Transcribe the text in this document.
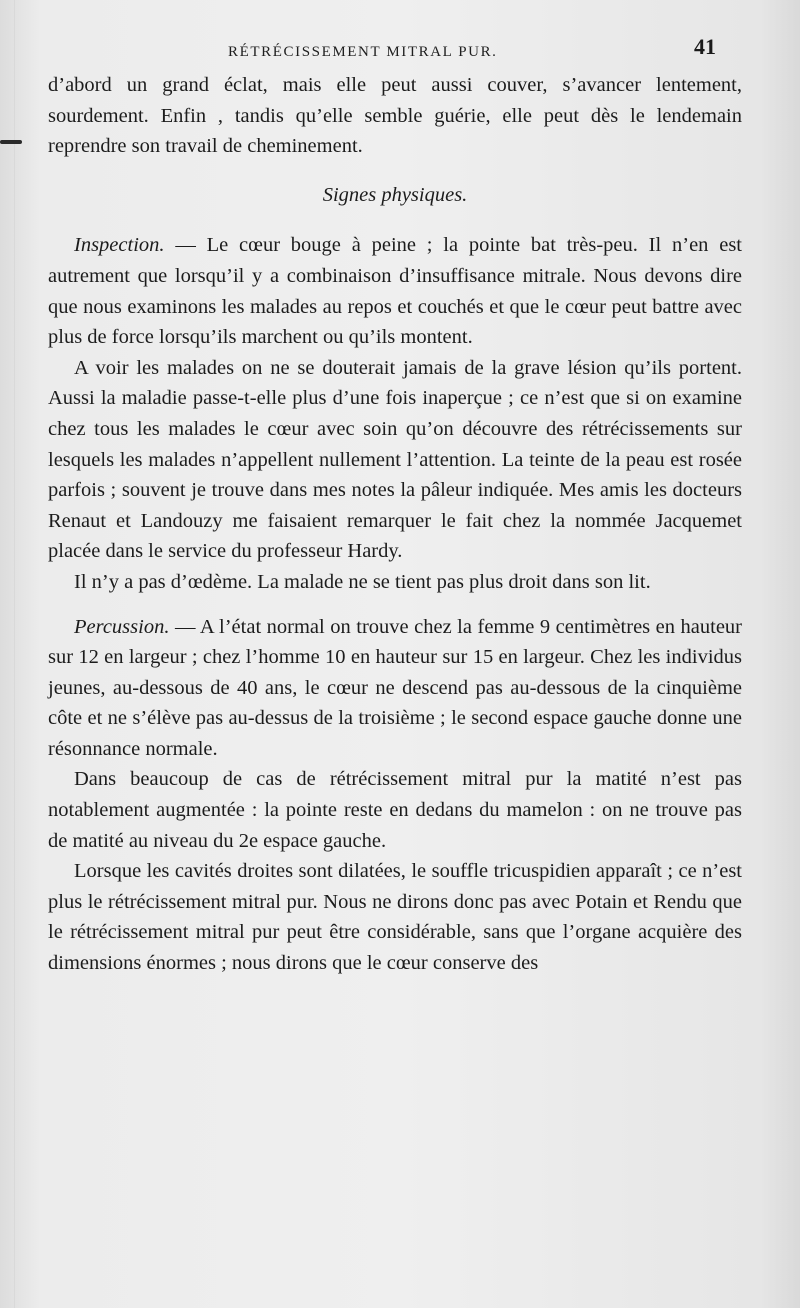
RÉTRÉCISSEMENT MITRAL PUR.	41

d’abord un grand éclat, mais elle peut aussi couver, s’avancer lentement, sourdement. Enfin , tandis qu’elle semble guérie, elle peut dès le lendemain reprendre son travail de cheminement.

Signes physiques.

Inspection. — Le cœur bouge à peine ; la pointe bat très-peu. Il n’en est autrement que lorsqu’il y a combinaison d’insuffisance mitrale. Nous devons dire que nous examinons les malades au repos et couchés et que le cœur peut battre avec plus de force lorsqu’ils marchent ou qu’ils montent.

A voir les malades on ne se douterait jamais de la grave lésion qu’ils portent. Aussi la maladie passe-t-elle plus d’une fois inaperçue ; ce n’est que si on examine chez tous les malades le cœur avec soin qu’on découvre des rétrécissements sur lesquels les malades n’appellent nullement l’attention. La teinte de la peau est rosée parfois ; souvent je trouve dans mes notes la pâleur indiquée. Mes amis les docteurs Renaut et Landouzy me faisaient remarquer le fait chez la nommée Jacquemet placée dans le service du professeur Hardy.

Il n’y a pas d’œdème. La malade ne se tient pas plus droit dans son lit.

Percussion. — A l’état normal on trouve chez la femme 9 centimètres en hauteur sur 12 en largeur ; chez l’homme 10 en hauteur sur 15 en largeur. Chez les individus jeunes, au-dessous de 40 ans, le cœur ne descend pas au-dessous de la cinquième côte et ne s’élève pas au-dessus de la troisième ; le second espace gauche donne une résonnance normale.

Dans beaucoup de cas de rétrécissement mitral pur la matité n’est pas notablement augmentée : la pointe reste en dedans du mamelon : on ne trouve pas de matité au niveau du 2e espace gauche.

Lorsque les cavités droites sont dilatées, le souffle tricuspidien apparaît ; ce n’est plus le rétrécissement mitral pur. Nous ne dirons donc pas avec Potain et Rendu que le rétrécissement mitral pur peut être considérable, sans que l’organe acquière des dimensions énormes ; nous dirons que le cœur conserve des
